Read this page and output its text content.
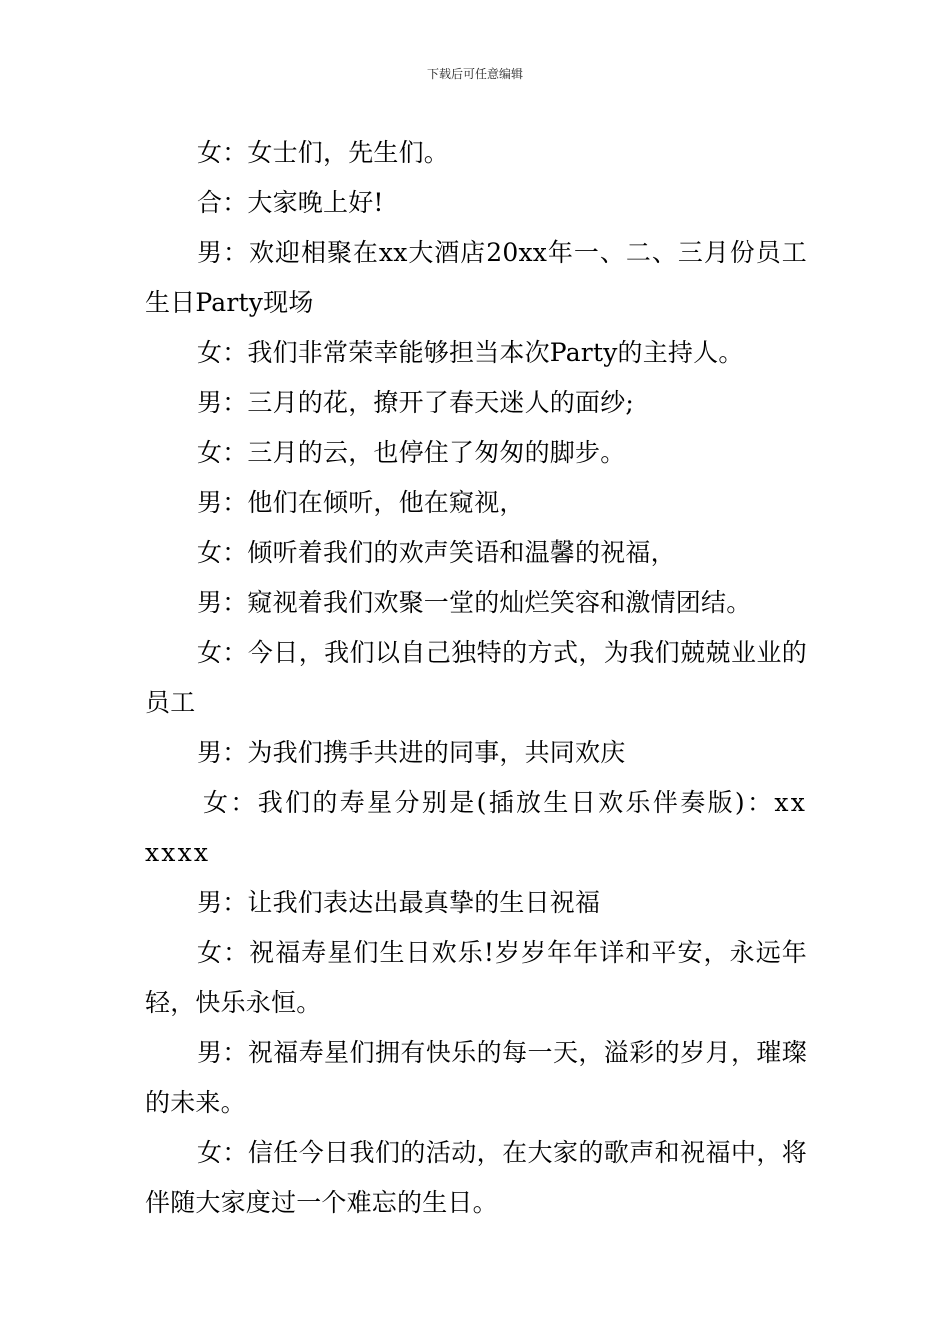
下载后可任意编辑

女：女士们，先生们。

合：大家晚上好!

男：欢迎相聚在xx大酒店20xx年一、二、三月份员工生日Party现场

女：我们非常荣幸能够担当本次Party的主持人。

男：三月的花，撩开了春天迷人的面纱;

女：三月的云，也停住了匆匆的脚步。

男：他们在倾听，他在窥视，

女：倾听着我们的欢声笑语和温馨的祝福，

男：窥视着我们欢聚一堂的灿烂笑容和激情团结。

女：今日，我们以自己独特的方式，为我们兢兢业业的员工

男：为我们携手共进的同事，共同欢庆

女：我们的寿星分别是(插放生日欢乐伴奏版)：xxxxxx

男：让我们表达出最真挚的生日祝福

女：祝福寿星们生日欢乐!岁岁年年详和平安，永远年轻，快乐永恒。

男：祝福寿星们拥有快乐的每一天，溢彩的岁月，璀璨的未来。

女：信任今日我们的活动，在大家的歌声和祝福中，将伴随大家度过一个难忘的生日。
